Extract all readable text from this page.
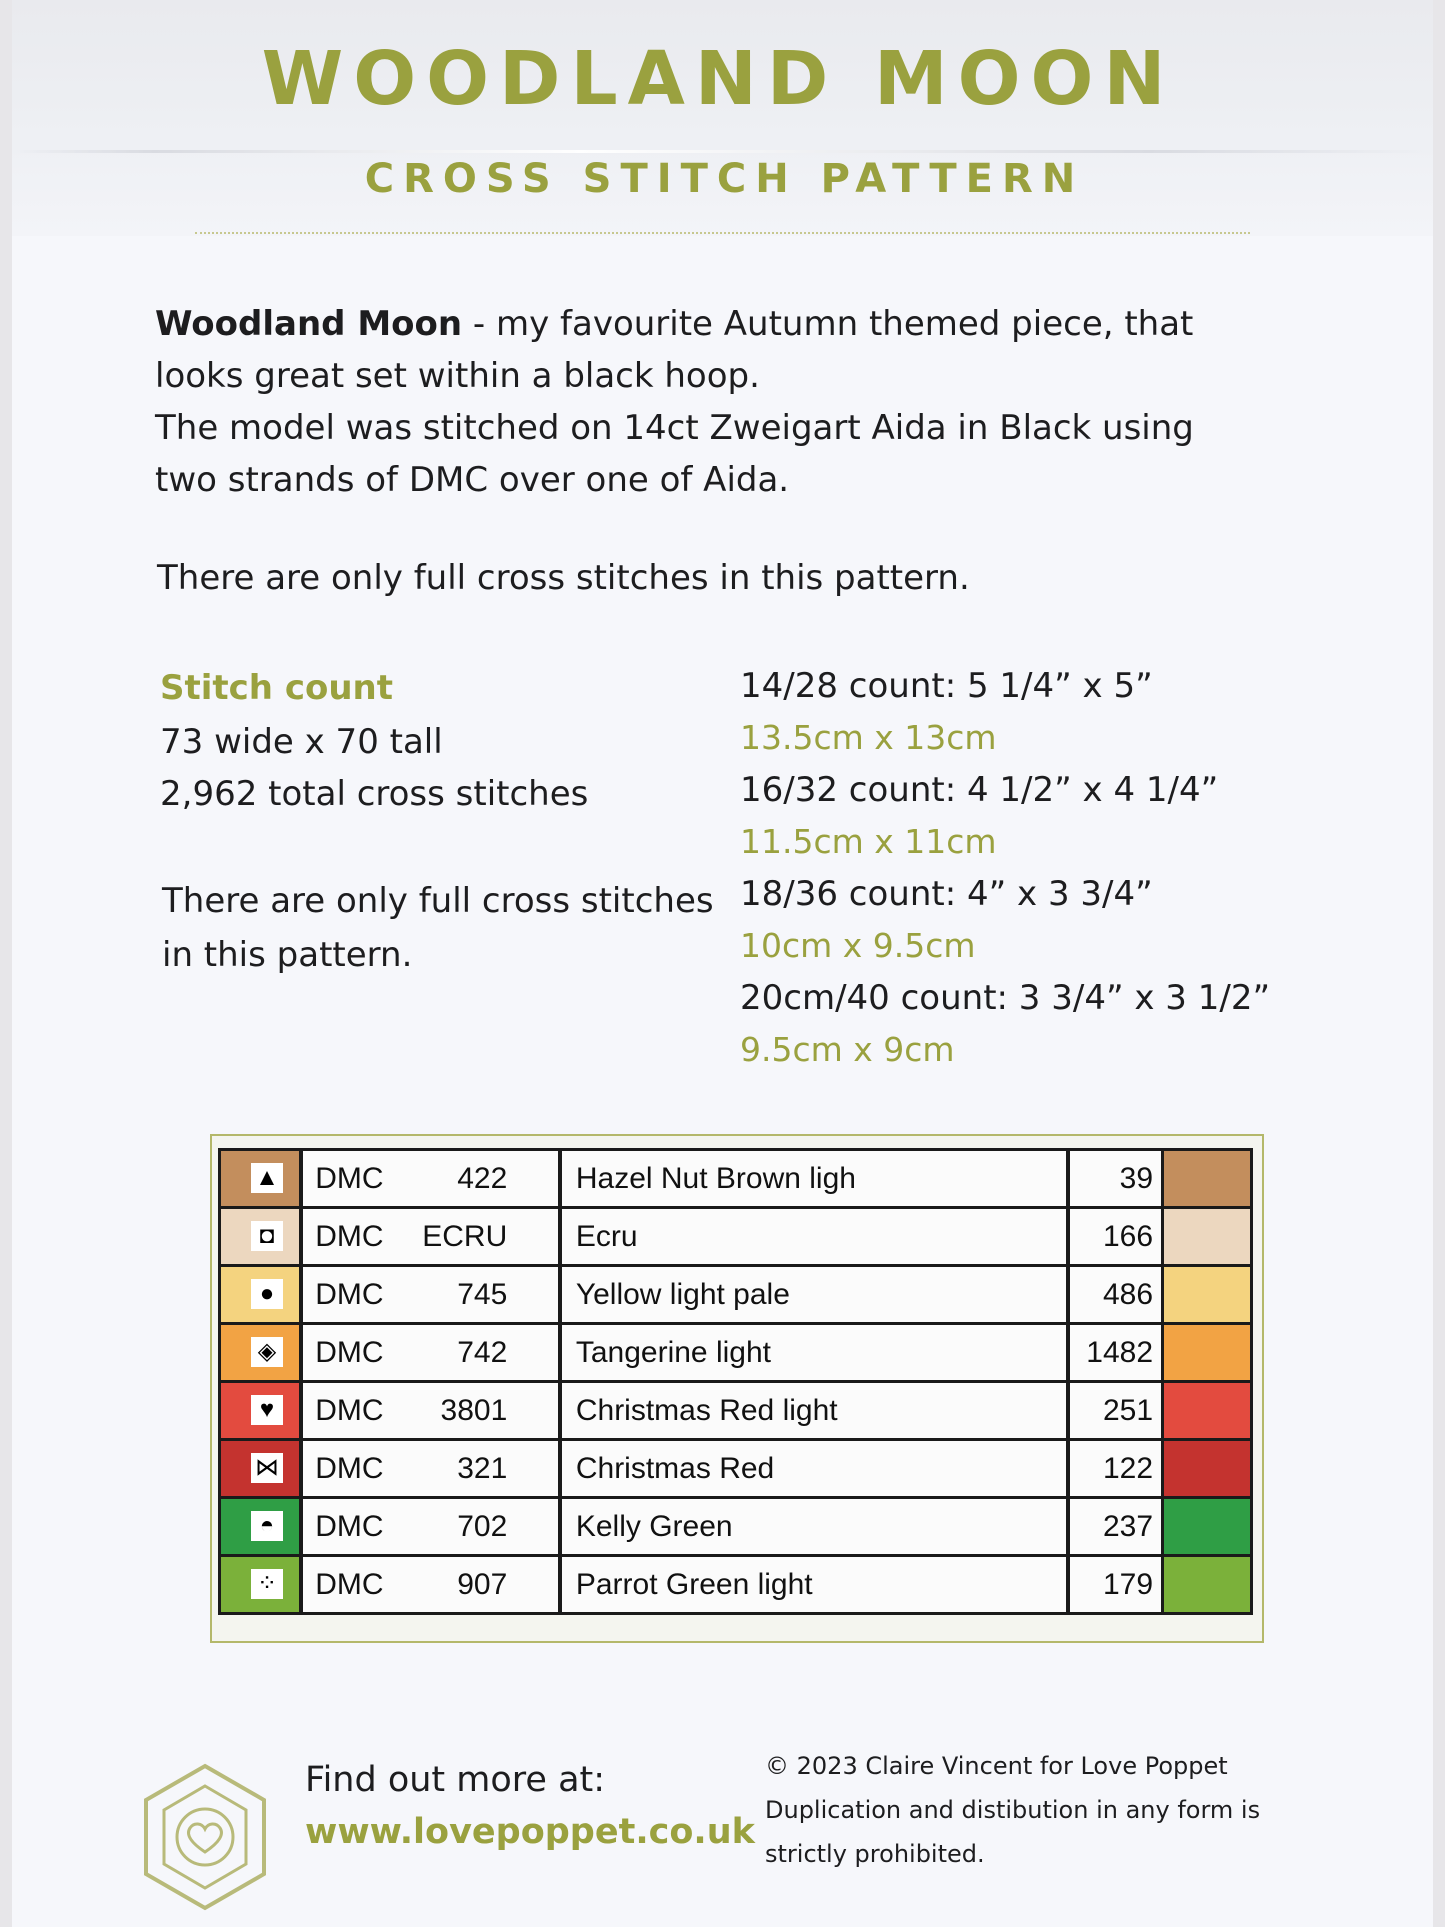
WOODLAND MOON
CROSS STITCH PATTERN
Woodland Moon - my favourite Autumn themed piece, that looks great set within a black hoop.
The model was stitched on 14ct Zweigart Aida in Black using two strands of DMC over one of Aida.
There are only full cross stitches in this pattern.
Stitch count
73 wide x 70 tall
2,962 total cross stitches
There are only full cross stitches in this pattern.
14/28 count: 5 1/4” x 5”
13.5cm x 13cm
16/32 count: 4 1/2” x 4 1/4”
11.5cm x 11cm
18/36 count: 4” x 3 3/4”
10cm x 9.5cm
20cm/40 count: 3 3/4” x 3 1/2”
9.5cm x 9cm
▲	DMC 422	Hazel Nut Brown ligh	39	

◘	DMC ECRU	Ecru	166	

●	DMC 745	Yellow light pale	486	

◈	DMC 742	Tangerine light	1482	

♥	DMC 3801	Christmas Red light	251	

⋈	DMC 321	Christmas Red	122	

◓	DMC 702	Kelly Green	237	

⁘	DMC 907	Parrot Green light	179	
Find out more at:
www.lovepoppet.co.uk
© 2023 Claire Vincent for Love Poppet
Duplication and distibution in any form is strictly prohibited.
